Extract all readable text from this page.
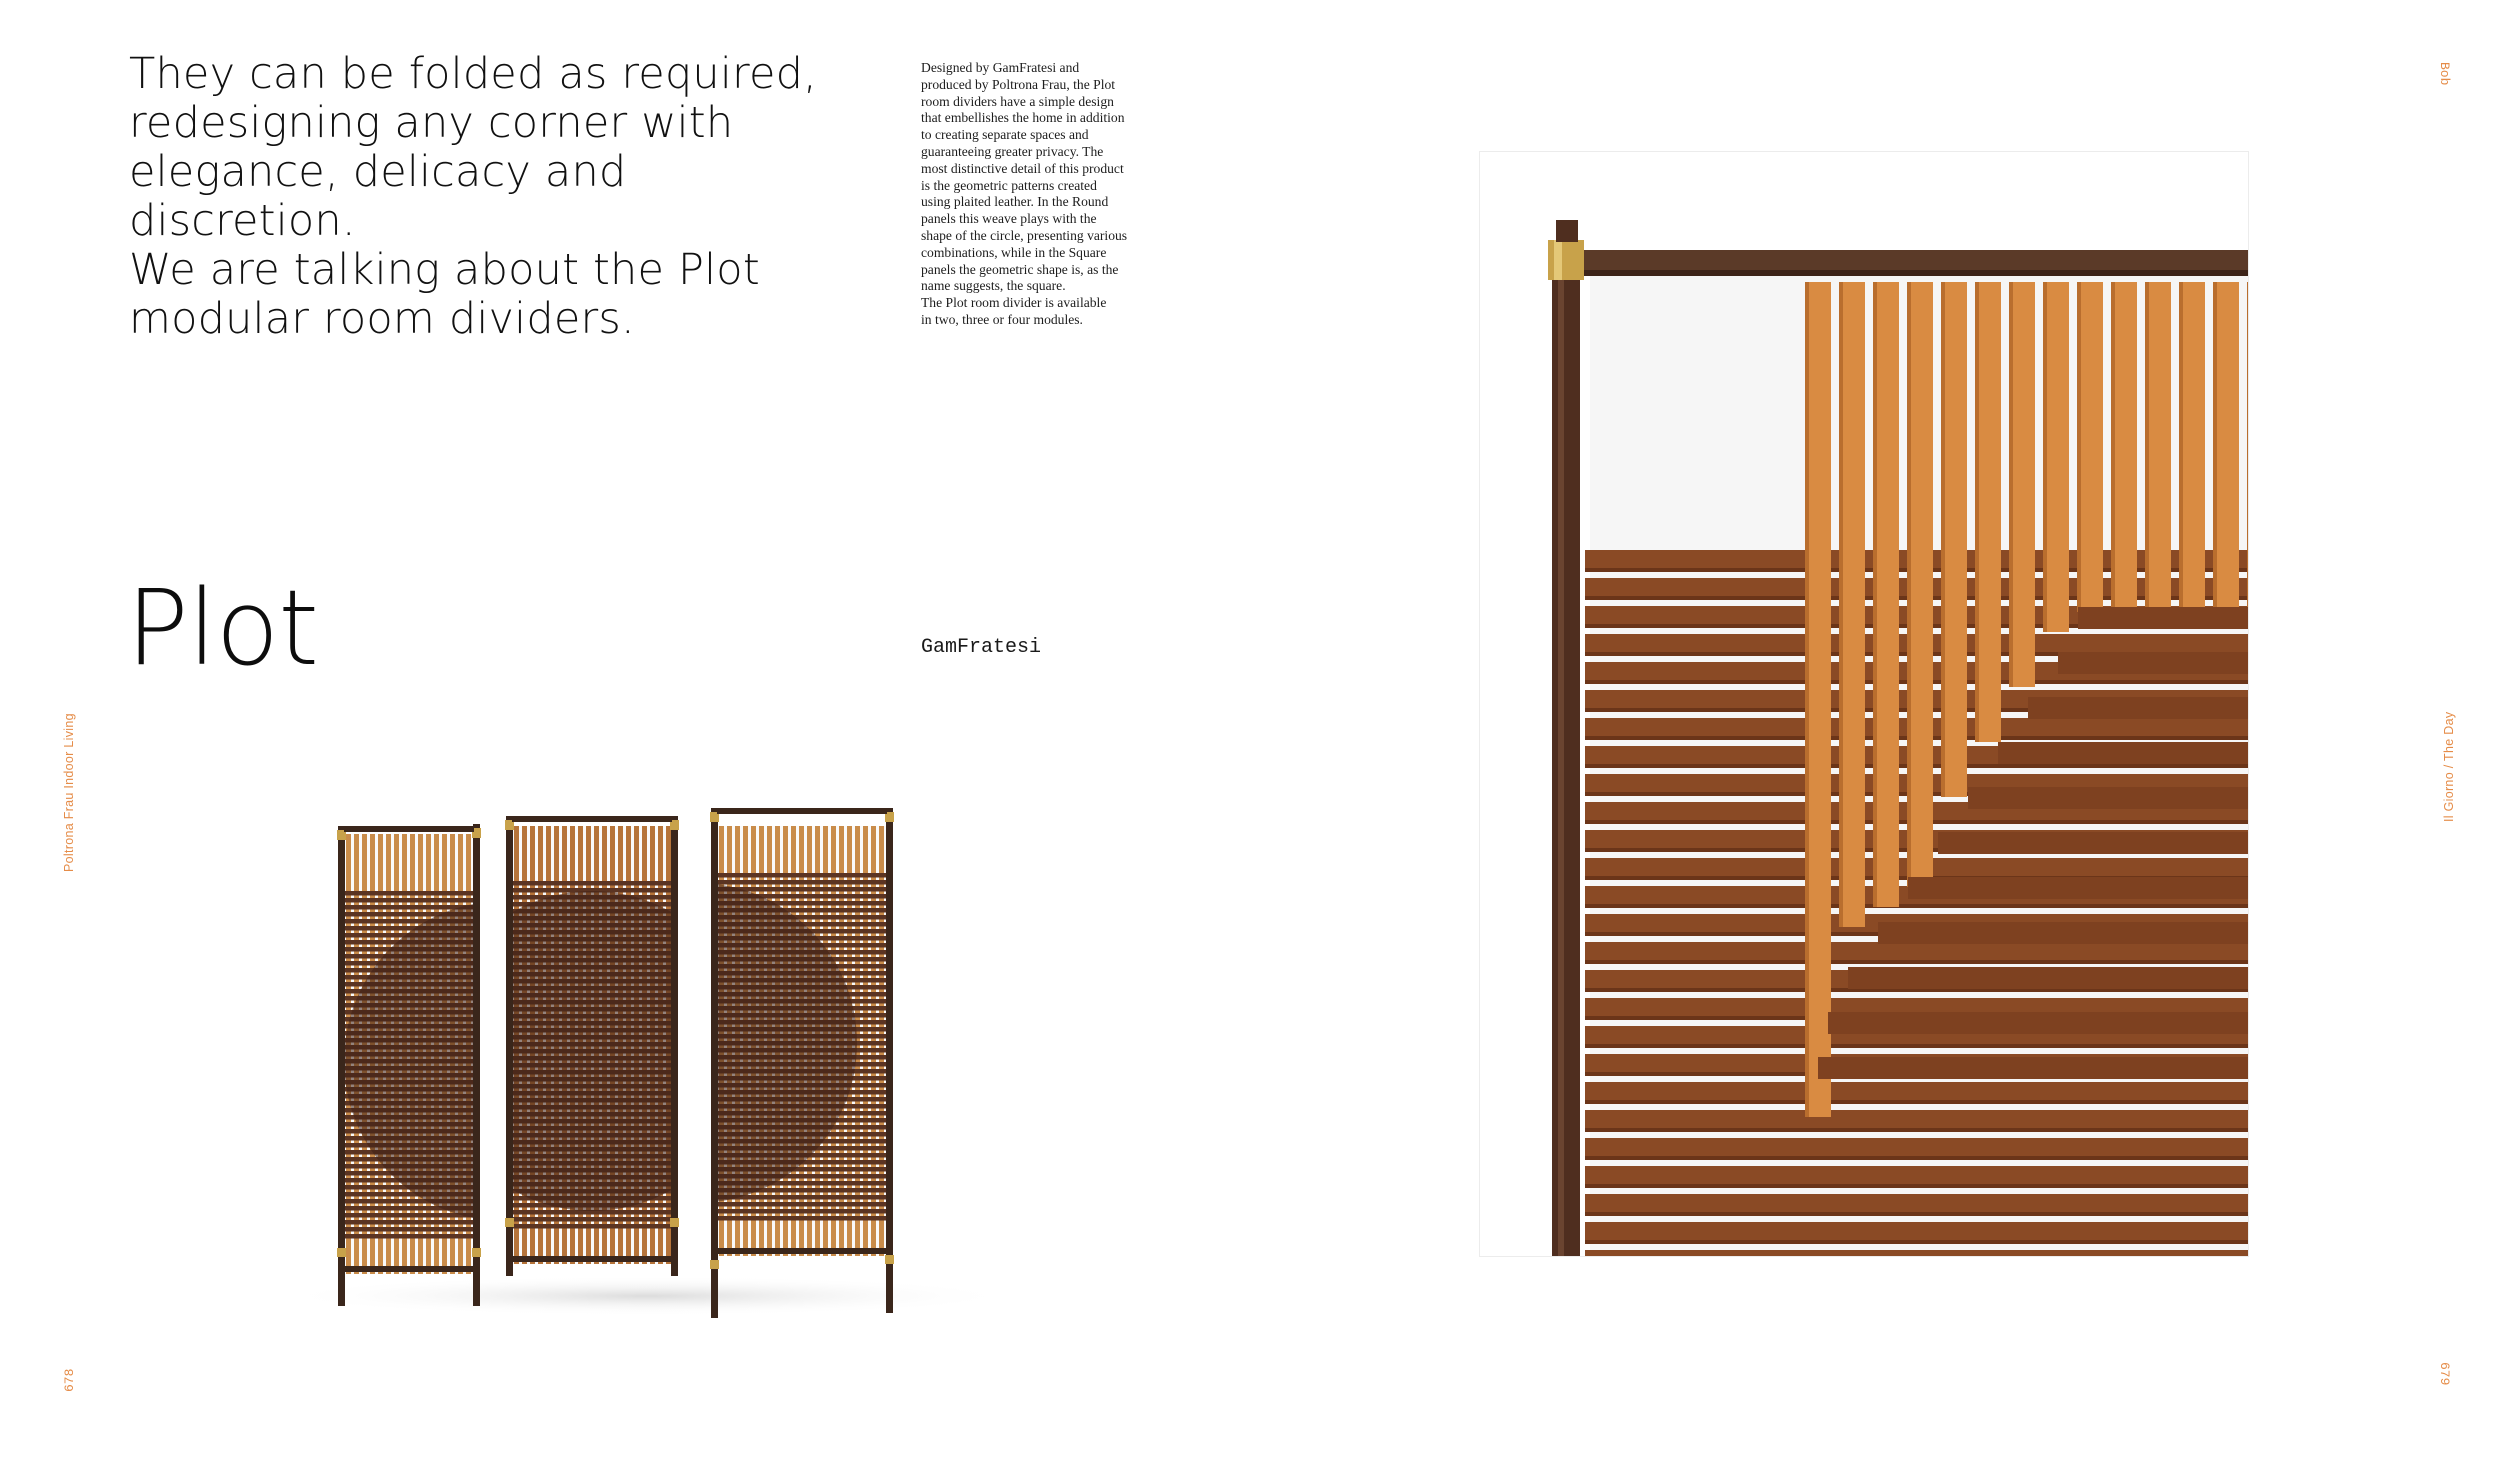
They can be folded as required,
redesigning any corner with
elegance, delicacy and discretion.
We are talking about the Plot
modular room dividers.

Designed by GamFratesi and

produced by Poltrona Frau, the Plot

room dividers have a simple design

that embellishes the home in addition

to creating separate spaces and

guaranteeing greater privacy. The

most distinctive detail of this product

is the geometric patterns created

using plaited leather. In the Round

panels this weave plays with the

shape of the circle, presenting various

combinations, while in the Square

panels the geometric shape is, as the

name suggests, the square.

The Plot room divider is available

in two, three or four modules.

Plot	GamFratesi
Poltrona Frau Indoor Living
678
Bob
Il Giorno / The Day
679
